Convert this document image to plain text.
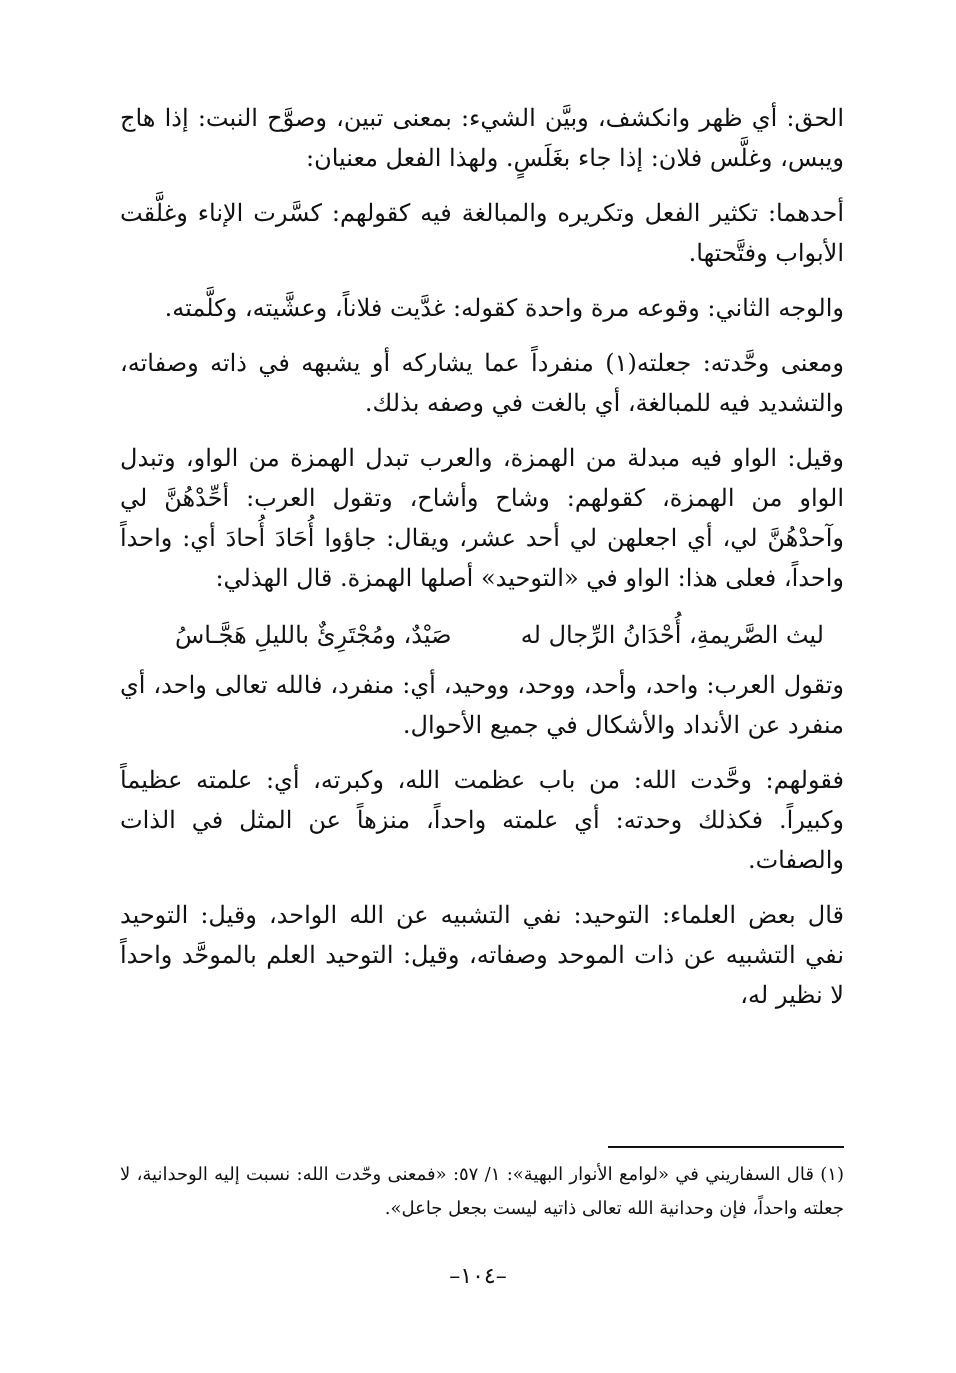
الحق: أي ظهر وانكشف، وبيَّن الشيء: بمعنى تبين، وصوَّح النبت: إذا هاج ويبس، وغلَّس فلان: إذا جاء بغَلَسٍ. ولهذا الفعل معنيان:

أحدهما: تكثير الفعل وتكريره والمبالغة فيه كقولهم: كسَّرت الإناء وغلَّقت الأبواب وفتَّحتها.

والوجه الثاني: وقوعه مرة واحدة كقوله: غدَّيت فلاناً، وعشَّيته، وكلَّمته.

ومعنى وحَّدته: جعلته(١) منفرداً عما يشاركه أو يشبهه في ذاته وصفاته، والتشديد فيه للمبالغة، أي بالغت في وصفه بذلك.

وقيل: الواو فيه مبدلة من الهمزة، والعرب تبدل الهمزة من الواو، وتبدل الواو من الهمزة، كقولهم: وشاح وأشاح، وتقول العرب: أحِّدْهُنَّ لي وآحدْهُنَّ لي، أي اجعلهن لي أحد عشر، ويقال: جاؤوا أُحَادَ أُحادَ أي: واحداً واحداً، فعلى هذا: الواو في «التوحيد» أصلها الهمزة. قال الهذلي:

ليث الصَّريمةِ، أُحْدَانُ الرِّجال له
صَيْدٌ، ومُجْتَرِئٌ بالليلِ هَجَّـاسُ

وتقول العرب: واحد، وأحد، ووحد، ووحيد، أي: منفرد، فالله تعالى واحد، أي منفرد عن الأنداد والأشكال في جميع الأحوال.

فقولهم: وحَّدت الله: من باب عظمت الله، وكبرته، أي: علمته عظيماً وكبيراً. فكذلك وحدته: أي علمته واحداً، منزهاً عن المثل في الذات والصفات.

قال بعض العلماء: التوحيد: نفي التشبيه عن الله الواحد، وقيل: التوحيد نفي التشبيه عن ذات الموحد وصفاته، وقيل: التوحيد العلم بالموحَّد واحداً لا نظير له،

(١) قال السفاريني في «لوامع الأنوار البهية»: ١/ ٥٧: «فمعنى وحّدت الله: نسبت إليه الوحدانية، لا جعلته واحداً، فإن وحدانية الله تعالى ذاتيه ليست بجعل جاعل».
–١٠٤–
